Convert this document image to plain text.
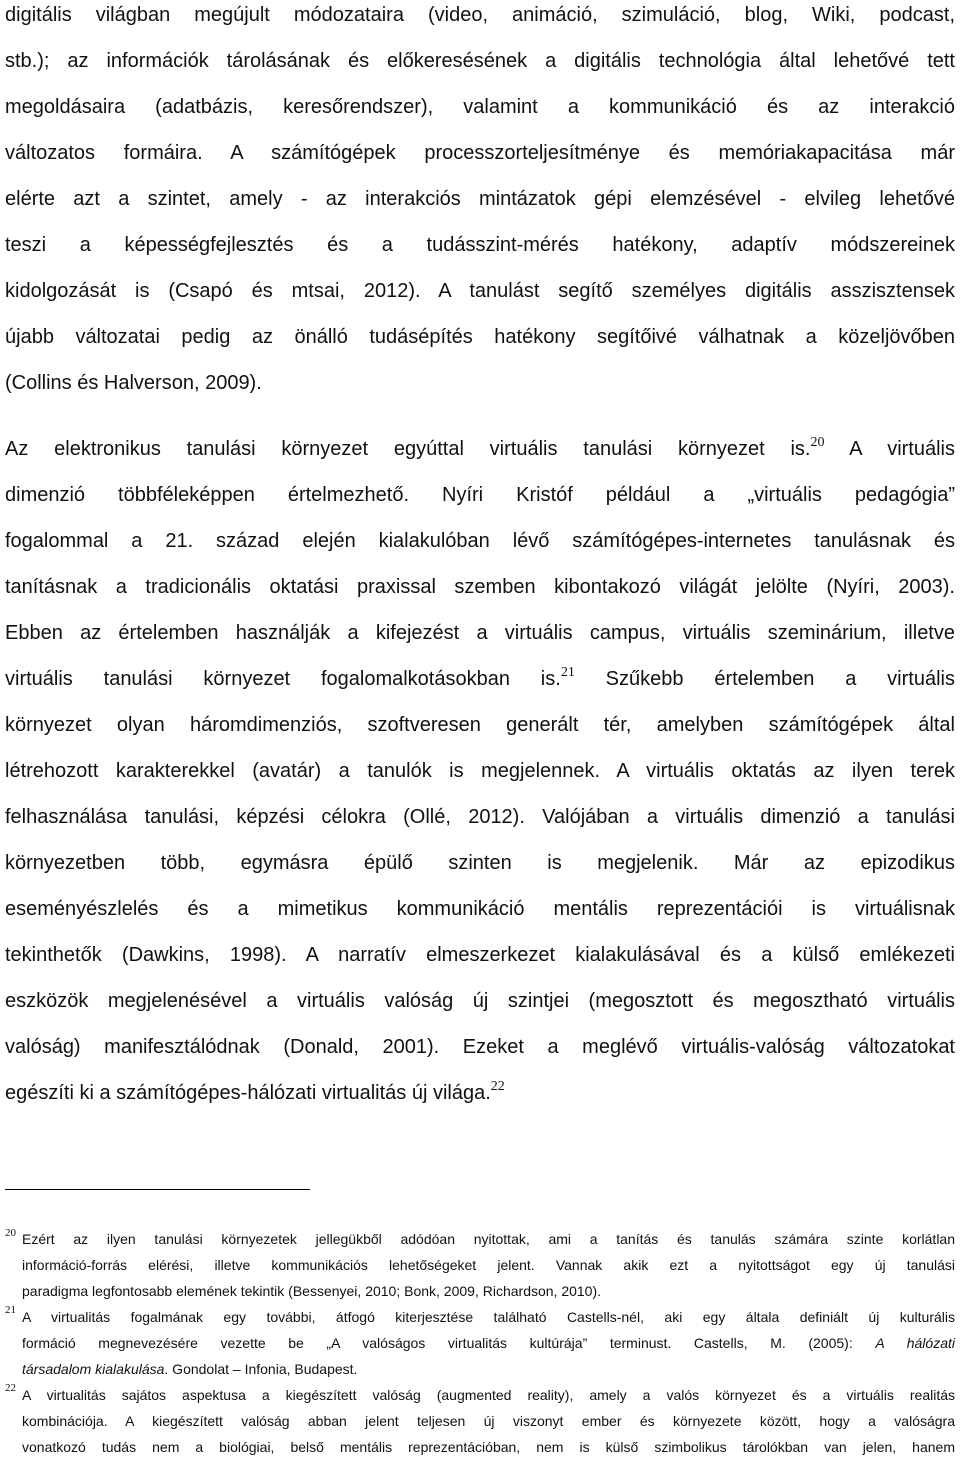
digitális világban megújult módozataira (video, animáció, szimuláció, blog, Wiki, podcast,
stb.); az információk tárolásának és előkeresésének a digitális technológia által lehetővé tett
megoldásaira (adatbázis, keresőrendszer), valamint a kommunikáció és az interakció
változatos formáira. A számítógépek processzorteljesítménye és memóriakapacitása már
elérte azt a szintet, amely - az interakciós mintázatok gépi elemzésével - elvileg lehetővé
teszi a képességfejlesztés és a tudásszint-mérés hatékony, adaptív módszereinek
kidolgozását is (Csapó és mtsai, 2012). A tanulást segítő személyes digitális asszisztensek
újabb változatai pedig az önálló tudásépítés hatékony segítőivé válhatnak a közeljövőben
(Collins és Halverson, 2009).
Az elektronikus tanulási környezet egyúttal virtuális tanulási környezet is.$^{20}$ A virtuális
dimenzió többféleképpen értelmezhető. Nyíri Kristóf például a „virtuális pedagógia”
fogalommal a 21. század elején kialakulóban lévő számítógépes-internetes tanulásnak és
tanításnak a tradicionális oktatási praxissal szemben kibontakozó világát jelölte (Nyíri, 2003).
Ebben az értelemben használják a kifejezést a virtuális campus, virtuális szeminárium, illetve
virtuális tanulási környezet fogalomalkotásokban is.$^{21}$ Szűkebb értelemben a virtuális
környezet olyan háromdimenziós, szoftveresen generált tér, amelyben számítógépek által
létrehozott karakterekkel (avatár) a tanulók is megjelennek. A virtuális oktatás az ilyen terek
felhasználása tanulási, képzési célokra (Ollé, 2012). Valójában a virtuális dimenzió a tanulási
környezetben több, egymásra épülő szinten is megjelenik. Már az epizodikus
eseményészlelés és a mimetikus kommunikáció mentális reprezentációi is virtuálisnak
tekinthetők (Dawkins, 1998). A narratív elmeszerkezet kialakulásával és a külső emlékezeti
eszközök megjelenésével a virtuális valóság új szintjei (megosztott és megosztható virtuális
valóság) manifesztálódnak (Donald, 2001). Ezeket a meglévő virtuális-valóság változatokat
egészíti ki a számítógépes-hálózati virtualitás új világa.$^{22}$
20 Ezért az ilyen tanulási környezetek jellegükből adódóan nyitottak, ami a tanítás és tanulás számára szinte korlátlan
információ-forrás elérési, illetve kommunikációs lehetőségeket jelent. Vannak akik ezt a nyitottságot egy új tanulási
paradigma legfontosabb elemének tekintik (Bessenyei, 2010; Bonk, 2009, Richardson, 2010).
21 A virtualitás fogalmának egy további, átfogó kiterjesztése található Castells-nél, aki egy általa definiált új kulturális
formáció megnevezésére vezette be „A valóságos virtualitás kultúrája” terminust. Castells, M. (2005): A hálózati
társadalom kialakulása. Gondolat – Infonia, Budapest.
22 A virtualitás sajátos aspektusa a kiegészített valóság (augmented reality), amely a valós környezet és a virtuális realitás
kombinációja. A kiegészített valóság abban jelent teljesen új viszonyt ember és környezete között, hogy a valóságra
vonatkozó tudás nem a biológiai, belső mentális reprezentációban, nem is külső szimbolikus tárolókban van jelen, hanem
